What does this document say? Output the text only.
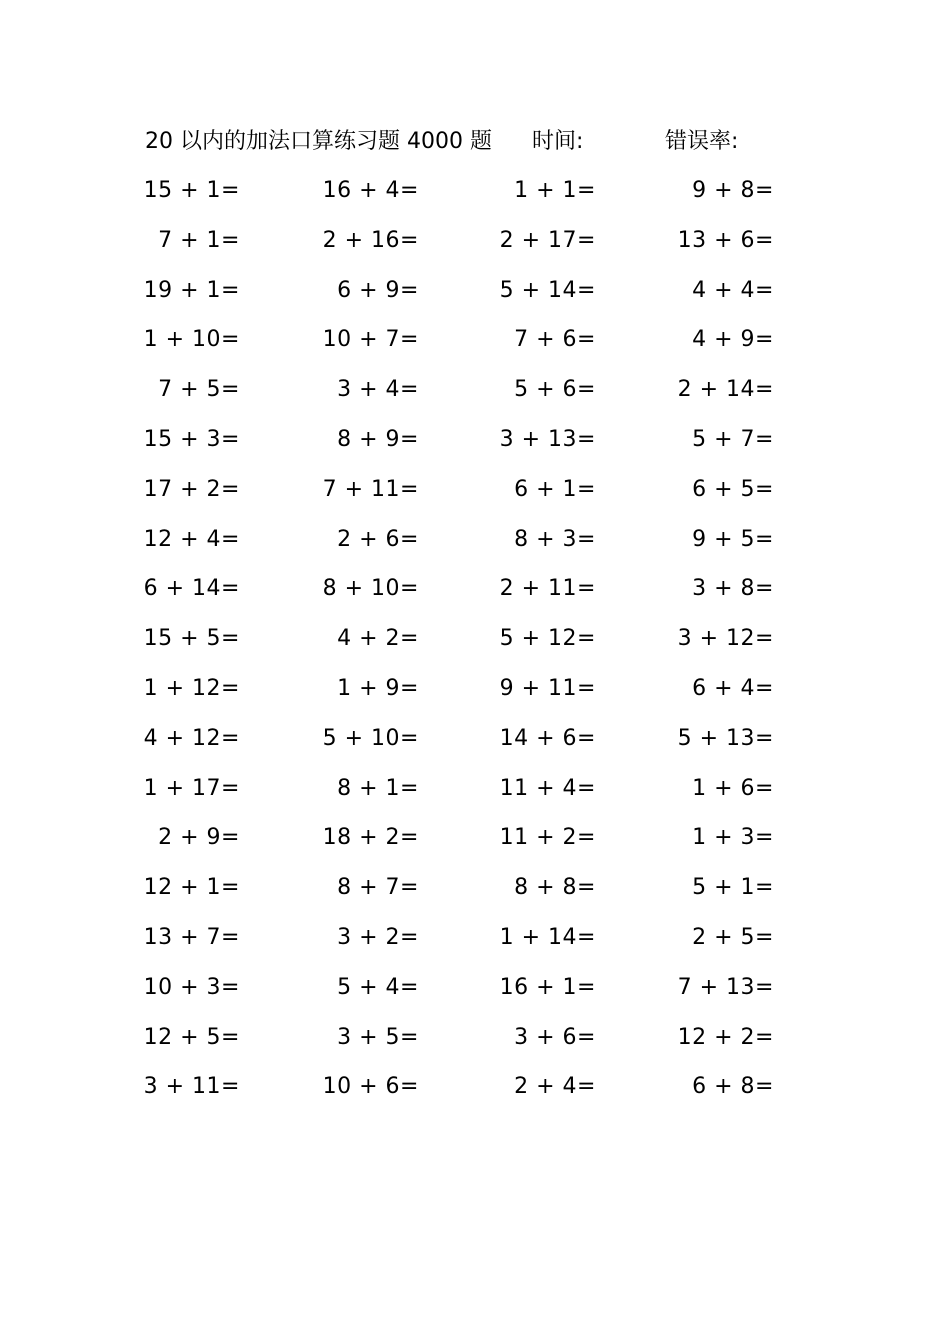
20 以内的加法口算练习题 4000 题 时间:	错误率:
15 + 1=	16 + 4=	1 + 1=	9 + 8=
7 + 1=	2 + 16=	2 + 17=	13 + 6=
19 + 1=	6 + 9=	5 + 14=	4 + 4=
1 + 10=	10 + 7=	7 + 6=	4 + 9=
7 + 5=	3 + 4=	5 + 6=	2 + 14=
15 + 3=	8 + 9=	3 + 13=	5 + 7=
17 + 2=	7 + 11=	6 + 1=	6 + 5=
12 + 4=	2 + 6=	8 + 3=	9 + 5=
6 + 14=	8 + 10=	2 + 11=	3 + 8=
15 + 5=	4 + 2=	5 + 12=	3 + 12=
1 + 12=	1 + 9=	9 + 11=	6 + 4=
4 + 12=	5 + 10=	14 + 6=	5 + 13=
1 + 17=	8 + 1=	11 + 4=	1 + 6=
2 + 9=	18 + 2=	11 + 2=	1 + 3=
12 + 1=	8 + 7=	8 + 8=	5 + 1=
13 + 7=	3 + 2=	1 + 14=	2 + 5=
10 + 3=	5 + 4=	16 + 1=	7 + 13=
12 + 5=	3 + 5=	3 + 6=	12 + 2=
3 + 11=	10 + 6=	2 + 4=	6 + 8=
